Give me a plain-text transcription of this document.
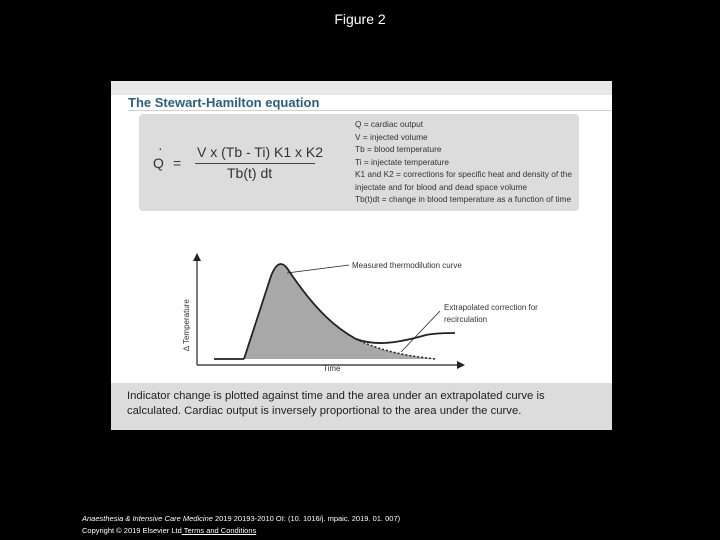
Figure 2
The Stewart-Hamilton equation
·
Q =
V x (Tb - Ti) K1 x K2
Tb(t) dt
Q = cardiac output
V = injected volume
Tb = blood temperature
Ti = injectate temperature
K1 and K2 = corrections for specific heat and density of the
injectate and for blood and dead space volume
Tb(t)dt = change in blood temperature as a function of time
Measured thermodilution curve
Extrapolated correction for
recirculation
Time
∆ Temperature
Indicator change is plotted against time and the area under an extrapolated curve is calculated. Cardiac output is inversely proportional to the area under the curve.
Anaesthesia & Intensive Care Medicine 2019 20193-2010 OI: (10. 1016/j. mpaic. 2019. 01. 007)
Copyright © 2019 Elsevier Ltd Terms and Conditions
